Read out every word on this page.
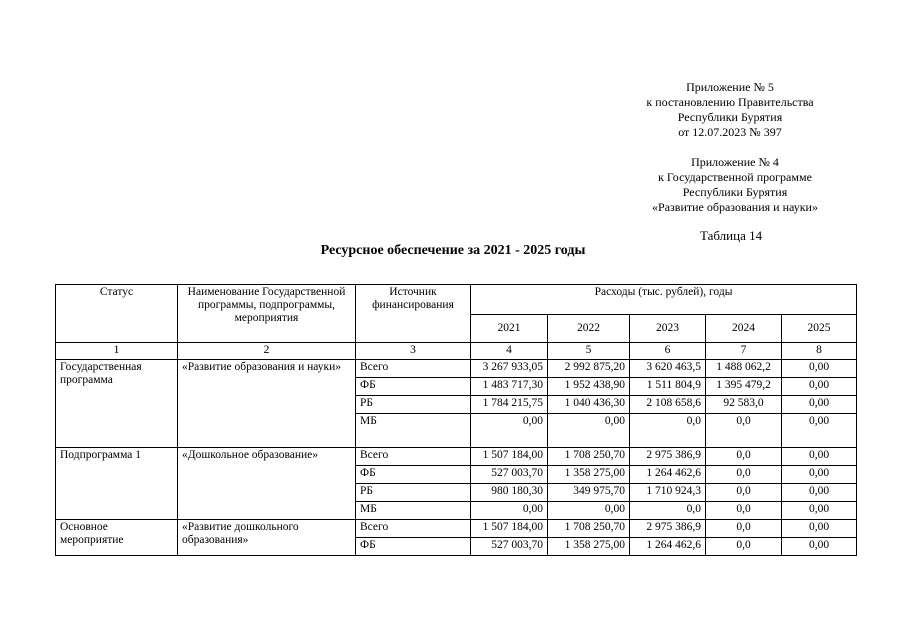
Приложение № 5
к постановлению Правительства
Республики Бурятия
от 12.07.2023 № 397
Приложение № 4
к Государственной программе
Республики Бурятия
«Развитие образования и науки»
Таблица 14
Ресурсное обеспечение за 2021 - 2025 годы
Статус	Наименование Государственной программы, подпрограммы, мероприятия	Источник финансирования	Расходы (тыс. рублей), годы				
			2021	2022	2023	2024	2025
1	2	3	4	5	6	7	8
Государственная программа	«Развитие образования и науки»	Всего	3 267 933,05	2 992 875,20	3 620 463,5	1 488 062,2	0,00
		ФБ	1 483 717,30	1 952 438,90	1 511 804,9	1 395 479,2	0,00
		РБ	1 784 215,75	1 040 436,30	2 108 658,6	92 583,0	0,00
		МБ	0,00	0,00	0,0	0,0	0,00
Подпрограмма 1	«Дошкольное образование»	Всего	1 507 184,00	1 708 250,70	2 975 386,9	0,0	0,00
		ФБ	527 003,70	1 358 275,00	1 264 462,6	0,0	0,00
		РБ	980 180,30	349 975,70	1 710 924,3	0,0	0,00
		МБ	0,00	0,00	0,0	0,0	0,00
Основное мероприятие	«Развитие дошкольного образования»	Всего	1 507 184,00	1 708 250,70	2 975 386,9	0,0	0,00
		ФБ	527 003,70	1 358 275,00	1 264 462,6	0,0	0,00
